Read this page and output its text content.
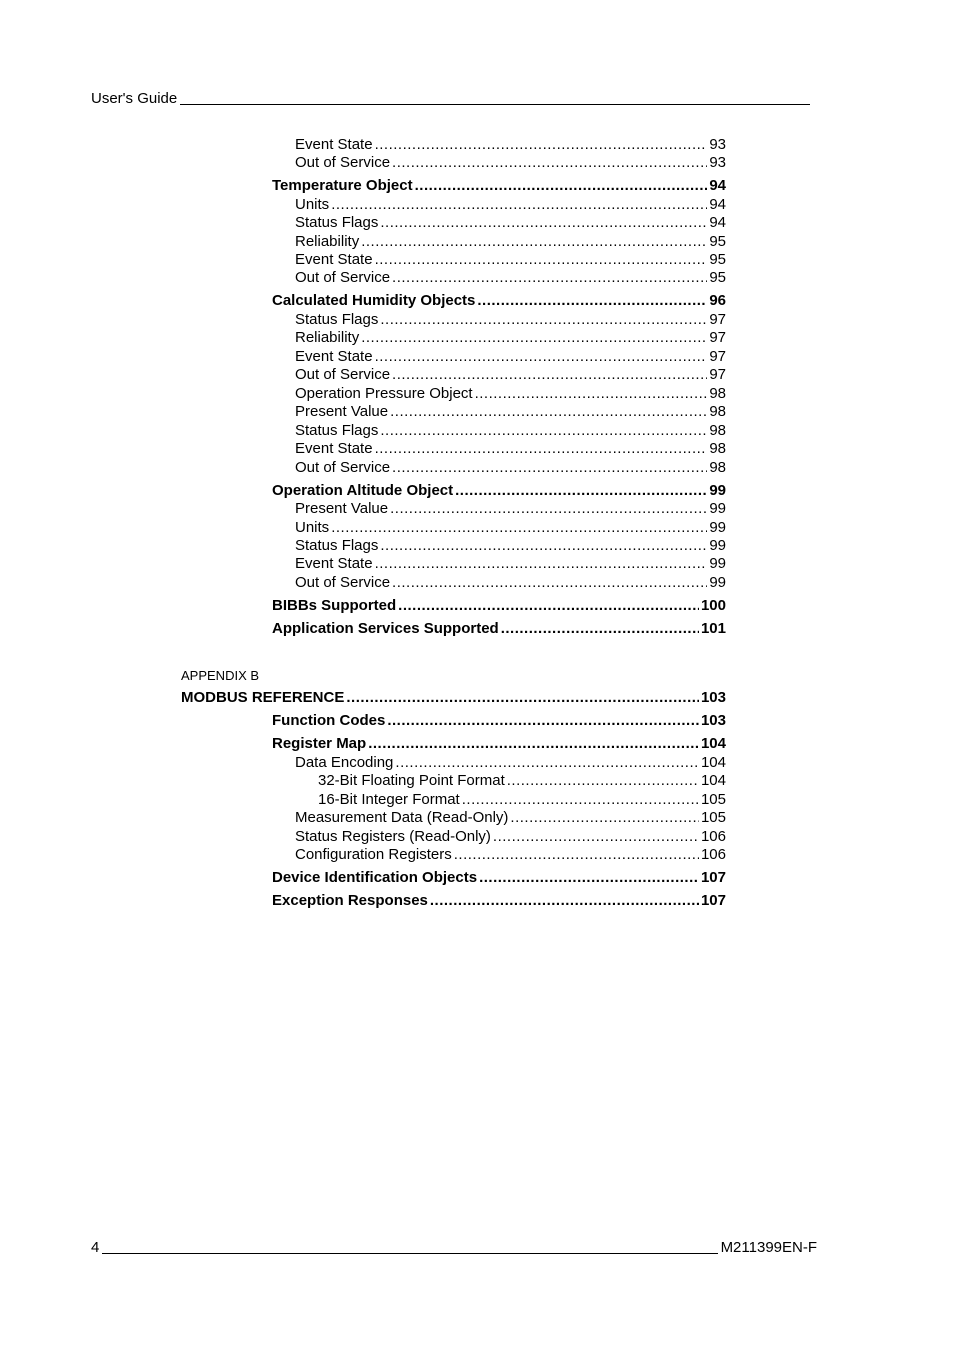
User's Guide
APPENDIX B
Event State .....	93
Out of Service .....	93
Temperature Object .....	94
Units .....	94
Status Flags .....	94
Reliability .....	95
Event State .....	95
Out of Service .....	95
Calculated Humidity Objects .....	96
Status Flags .....	97
Reliability .....	97
Event State .....	97
Out of Service .....	97
Operation Pressure Object .....	98
Present Value .....	98
Status Flags .....	98
Event State .....	98
Out of Service .....	98
Operation Altitude Object .....	99
Present Value .....	99
Units .....	99
Status Flags .....	99
Event State .....	99
Out of Service .....	99
BIBBs Supported .....	100
Application Services Supported .....	101
MODBUS REFERENCE .....	103
Function Codes .....	103
Register Map .....	104
Data Encoding .....	104
32-Bit Floating Point Format .....	104
16-Bit Integer Format .....	105
Measurement Data (Read-Only) .....	105
Status Registers (Read-Only) .....	106
Configuration Registers .....	106
Device Identification Objects .....	107
Exception Responses .....	107
4	M211399EN-F
